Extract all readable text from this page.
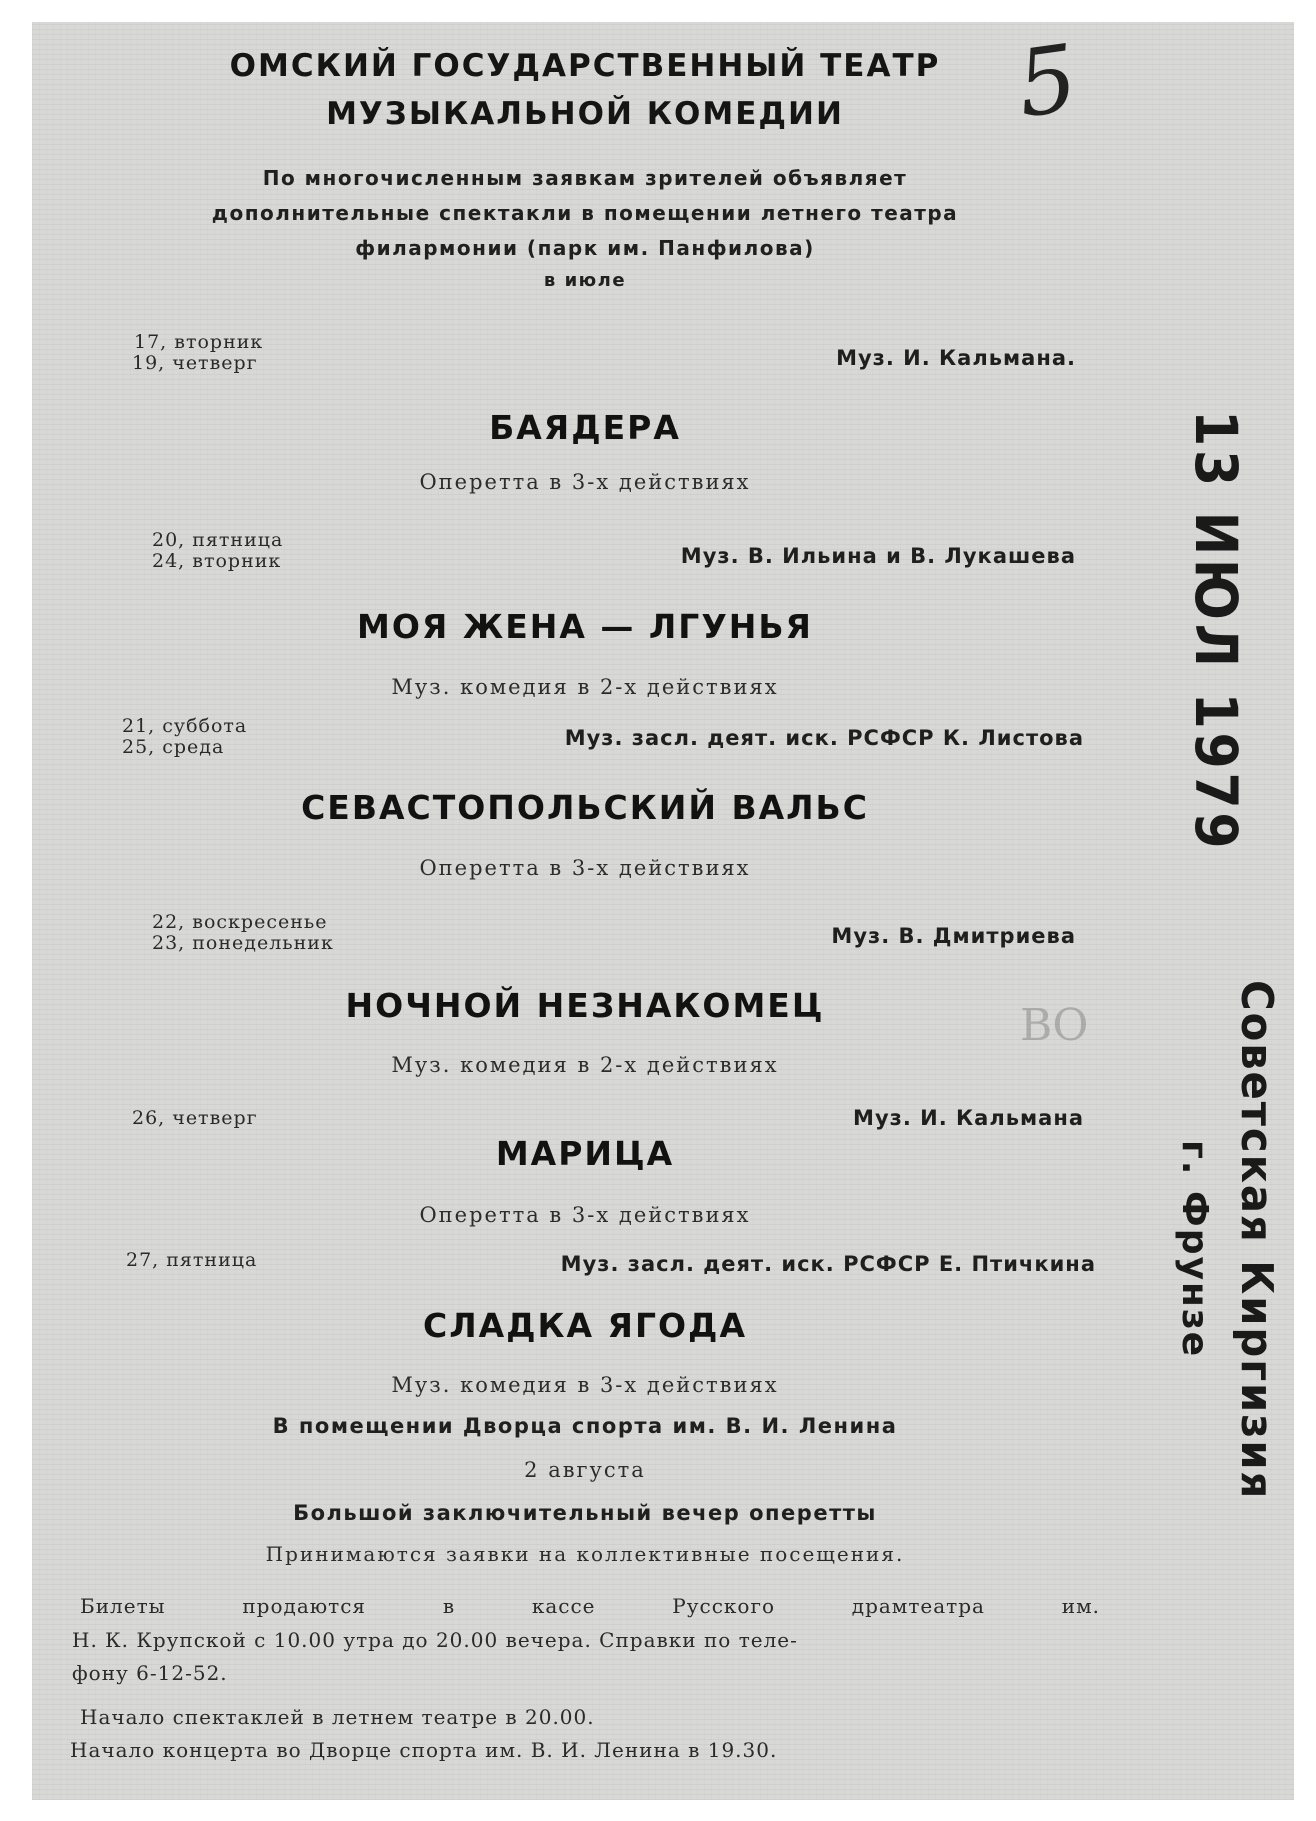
ВО
5
ОМСКИЙ ГОСУДАРСТВЕННЫЙ ТЕАТР
МУЗЫКАЛЬНОЙ КОМЕДИИ
По многочисленным заявкам зрителей объявляет
дополнительные спектакли в помещении летнего театра
филармонии (парк им. Панфилова)
в июле
17, вторник
19, четверг	Муз. И. Кальмана.
БАЯДЕРА
Оперетта в 3-х действиях
20, пятница
24, вторник	Муз. В. Ильина и В. Лукашева
МОЯ ЖЕНА — ЛГУНЬЯ
Муз. комедия в 2-х действиях
21, суббота
25, среда	Муз. засл. деят. иск. РСФСР К. Листова
СЕВАСТОПОЛЬСКИЙ ВАЛЬС
Оперетта в 3-х действиях
22, воскресенье
23, понедельник	Муз. В. Дмитриева
НОЧНОЙ НЕЗНАКОМЕЦ
Муз. комедия в 2-х действиях
26, четверг	Муз. И. Кальмана
МАРИЦА
Оперетта в 3-х действиях
27, пятница	Муз. засл. деят. иск. РСФСР Е. Птичкина
СЛАДКА ЯГОДА
Муз. комедия в 3-х действиях
В помещении Дворца спорта им. В. И. Ленина
2 августа
Большой заключительный вечер оперетты
Принимаются заявки на коллективные посещения.
Билеты продаются в кассе Русского драмтеатра им.
Н. К. Крупской с 10.00 утра до 20.00 вечера. Справки по теле-
фону 6-12-52.
Начало спектаклей в летнем театре в 20.00.
Начало концерта во Дворце спорта им. В. И. Ленина в 19.30.
13 ИЮЛ 1979
Советская Киргизия
г. Фрунзе
